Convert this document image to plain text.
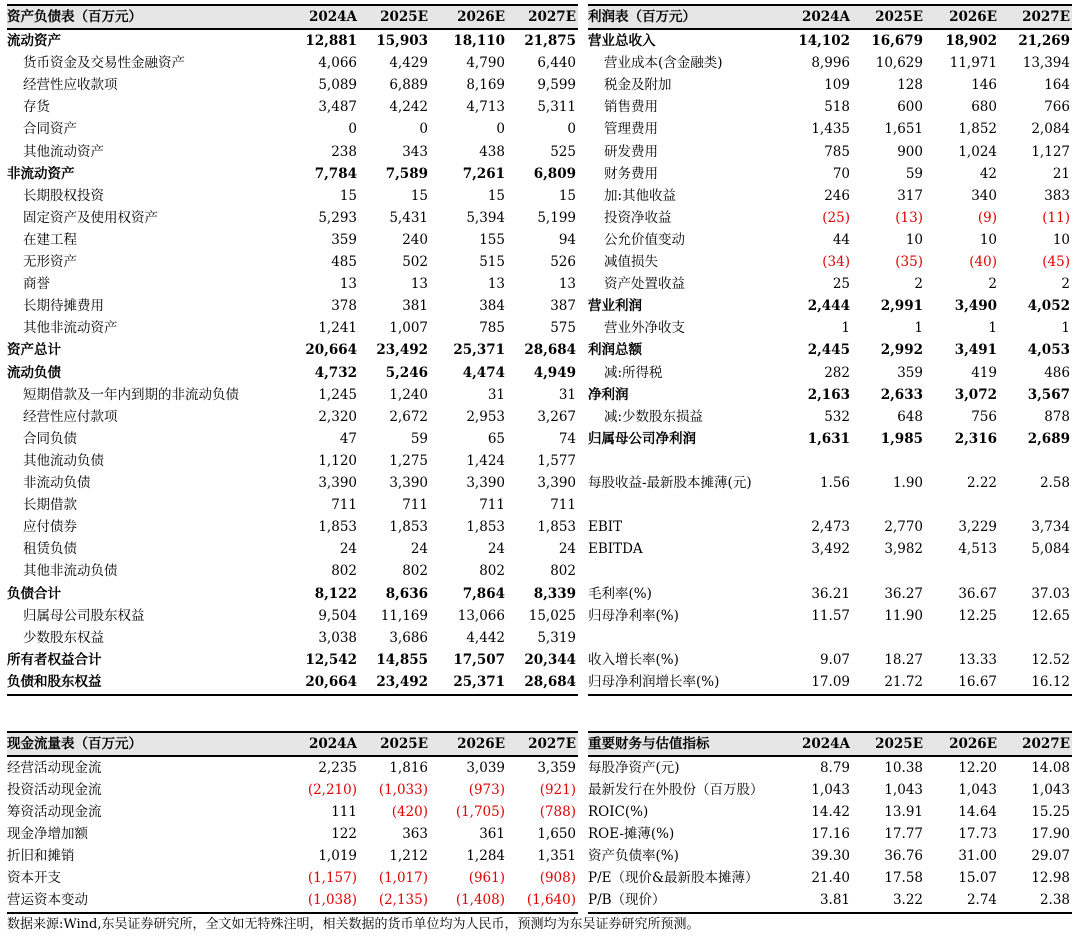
资产负债表（百万元）	2024A 2025E 2026E 2027E
流动资产	12,881 15,903 18,110 21,875
货币资金及交易性金融资产	4,066 4,429	4,790 6,440
经营性应收款项	5,089 6,889	8,169 9,599
存货	3,487 4,242	4,713 5,311
合同资产	0	0	0	0
其他流动资产	238	343	438	525
非流动资产	7,784 7,589	7,261 6,809
长期股权投资	15	15	15	15
固定资产及使用权资产	5,293 5,431	5,394 5,199
在建工程	359	240	155	94
无形资产	485	502	515	526
商誉	13	13	13	13
长期待摊费用	378	381	384	387
其他非流动资产	1,241 1,007	785	575
资产总计	20,664 23,492 25,371 28,684
流动负债	4,732 5,246	4,474 4,949
短期借款及一年内到期的非流动负债	1,245 1,240	31	31
经营性应付款项	2,320 2,672	2,953 3,267
合同负债	47	59	65	74
其他流动负债	1,120 1,275	1,424 1,577
非流动负债	3,390 3,390	3,390 3,390
长期借款	711	711	711	711
应付债券	1,853 1,853	1,853 1,853
租赁负债	24	24	24	24
其他非流动负债	802	802	802	802
负债合计	8,122 8,636	7,864 8,339
归属母公司股东权益	9,504 11,169 13,066 15,025
少数股东权益	3,038 3,686	4,442 5,319
所有者权益合计	12,542 14,855 17,507 20,344
负债和股东权益	20,664 23,492 25,371 28,684
利润表（百万元）	2024A 2025E 2026E 2027E
营业总收入	14,102 16,679 18,902 21,269
营业成本(含金融类)	8,996 10,629 11,971 13,394
税金及附加	109	128	146	164
销售费用	518	600	680	766
管理费用	1,435	1,651	1,852	2,084
研发费用	785	900	1,024	1,127
财务费用	70	59	42	21
加:其他收益	246	317	340	383
投资净收益	(25)	(13)	(9)	(11)
公允价值变动	44	10	10	10
减值损失	(34)	(35)	(40)	(45)
资产处置收益	25	2	2	2
营业利润	2,444 2,991 3,490 4,052
营业外净收支	1	1	1	1
利润总额	2,445 2,992 3,491 4,053
减:所得税	282	359	419	486
净利润	2,163 2,633 3,072 3,567
减:少数股东损益	532	648	756	878
归属母公司净利润	1,631 1,985 2,316 2,689
每股收益-最新股本摊薄(元)	1.56	1.90	2.22	2.58
EBIT	2,473	2,770	3,229	3,734
EBITDA	3,492	3,982	4,513	5,084
毛利率(%)	36.21	36.27	36.67	37.03
归母净利率(%)	11.57	11.90	12.25	12.65
收入增长率(%)	9.07	18.27	13.33	12.52
归母净利润增长率(%)	17.09	21.72	16.67	16.12
现金流量表（百万元）	2024A 2025E 2026E 2027E
经营活动现金流	2,235 1,816	3,039 3,359
投资活动现金流	(2,210) (1,033)	(973)	(921)
筹资活动现金流	111	(420) (1,705)	(788)
现金净增加额	122	363	361 1,650
折旧和摊销	1,019 1,212	1,284 1,351
资本开支	(1,157) (1,017)	(961)	(908)
营运资本变动	(1,038) (2,135) (1,408) (1,640)
重要财务与估值指标	2024A 2025E 2026E 2027E
每股净资产(元)	8.79	10.38	12.20	14.08
最新发行在外股份（百万股）	1,043	1,043	1,043	1,043
ROIC(%)	14.42	13.91	14.64	15.25
ROE-摊薄(%)	17.16	17.77	17.73	17.90
资产负债率(%)	39.30	36.76	31.00	29.07
P/E（现价&最新股本摊薄）	21.40	17.58	15.07	12.98
P/B（现价）	3.81	3.22	2.74	2.38
数据来源:Wind,东吴证券研究所，全文如无特殊注明，相关数据的货币单位均为人民币，预测均为东吴证券研究所预测。
